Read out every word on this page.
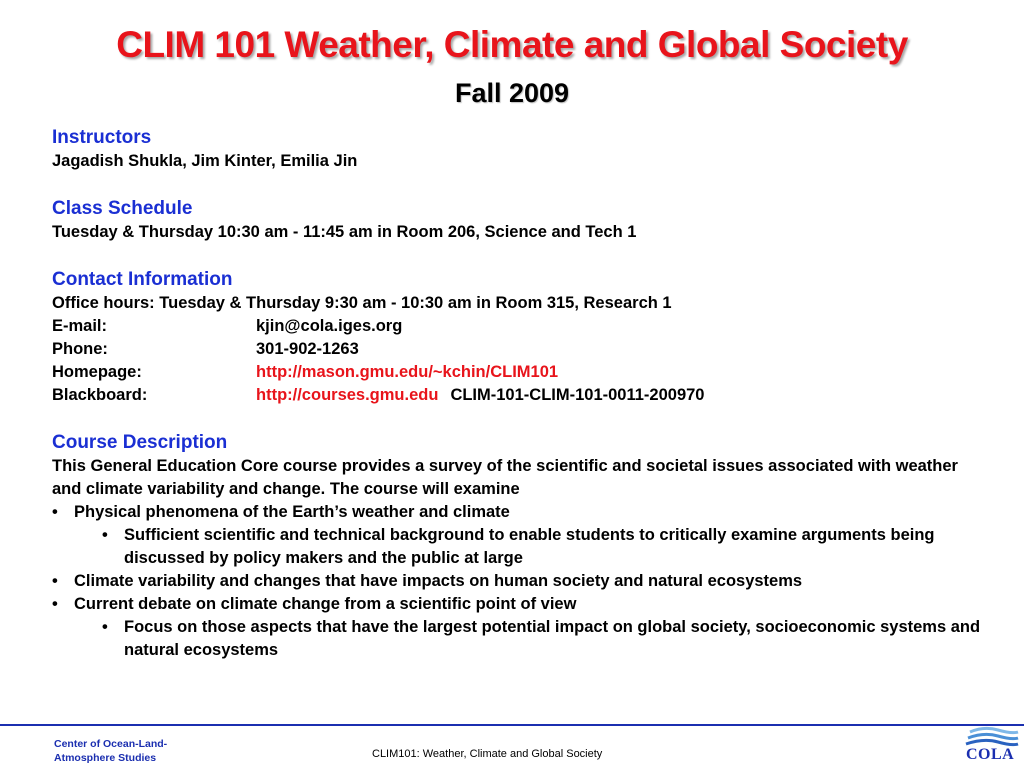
CLIM 101 Weather, Climate and Global Society
Fall 2009
Instructors
Jagadish Shukla, Jim Kinter, Emilia Jin
Class Schedule
Tuesday & Thursday 10:30 am - 11:45 am in Room 206, Science and Tech 1
Contact Information
Office hours: Tuesday & Thursday 9:30 am - 10:30 am in Room 315, Research 1
E-mail:	kjin@cola.iges.org
Phone:	301-902-1263
Homepage:	http://mason.gmu.edu/~kchin/CLIM101
Blackboard:	http://courses.gmu.edu CLIM-101-CLIM-101-0011-200970
Course Description
This General Education Core course provides a survey of the scientific and societal issues associated with weather and climate variability and change. The course will examine
• Physical phenomena of the Earth’s weather and climate
• Sufficient scientific and technical background to enable students to critically examine arguments being discussed by policy makers and the public at large
• Climate variability and changes that have impacts on human society and natural ecosystems
• Current debate on climate change from a scientific point of view
• Focus on those aspects that have the largest potential impact on global society, socioeconomic systems and natural ecosystems
Center of Ocean-Land-
Atmosphere Studies	CLIM101: Weather, Climate and Global Society	COLA
